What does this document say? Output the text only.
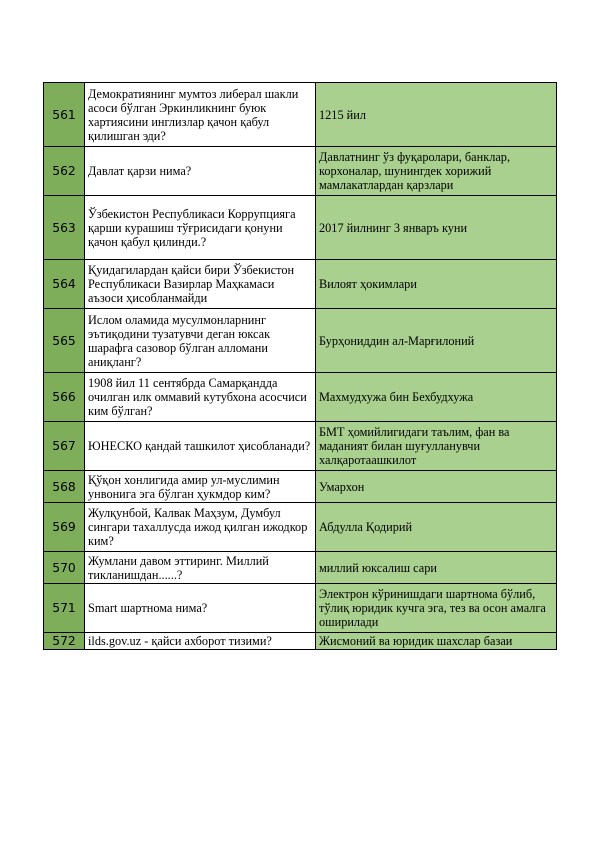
561	Демократиянинг мумтоз либерал шакли асоси бўлган Эркинликнинг буюк хартиясини инглизлар қачон қабул қилишган эди?	1215 йил
562	Давлат қарзи нима?	Давлатнинг ўз фуқаролари, банклар, корхоналар, шунингдек хорижий мамлакатлардан қарзлари
563	Ўзбекистон Республикаси Коррупцияга қарши курашиш тўғрисидаги қонуни қачон қабул қилинди.?	2017 йилнинг 3 январъ куни
564	Қуидагилардан қайси бири Ўзбекистон Республикаси Вазирлар Маҳкамаси аъзоси ҳисобланмайди	Вилоят ҳокимлари
565	Ислом оламида мусулмонларнинг эътиқодини тузатувчи деган юксак шарафга сазовор бўлган алломани аниқланг?	Бурҳониддин ал-Марғилоний
566	1908 йил 11 сентябрда Самарқандда очилган илк оммавий кутубхона асосчиси ким бўлган?	Махмудхужа бин Бехбудхужа
567	ЮНЕСКО қандай ташкилот ҳисобланади?	БМТ ҳомийлигидаги таълим, фан ва маданият билан шуғулланувчи халқаротаашкилот
568	Қўқон хонлигида амир ул-муслимин унвонига эга бўлган ҳукмдор ким?	Умархон
569	Жулқунбой, Калвак Маҳзум, Думбул сингари тахаллусда ижод қилган ижодкор ким?	Абдулла Қодирий
570	Жумлани давом эттиринг. Миллий тикланишдан......?	миллий юксалиш сари
571	Smart шартнома нима?	Электрон кўринишдаги шартнома бўлиб, тўлиқ юридик кучга эга, тез ва осон амалга оширилади
572	ilds.gov.uz - қайси ахборот тизими?	Жисмоний ва юридик шахслар базаи
